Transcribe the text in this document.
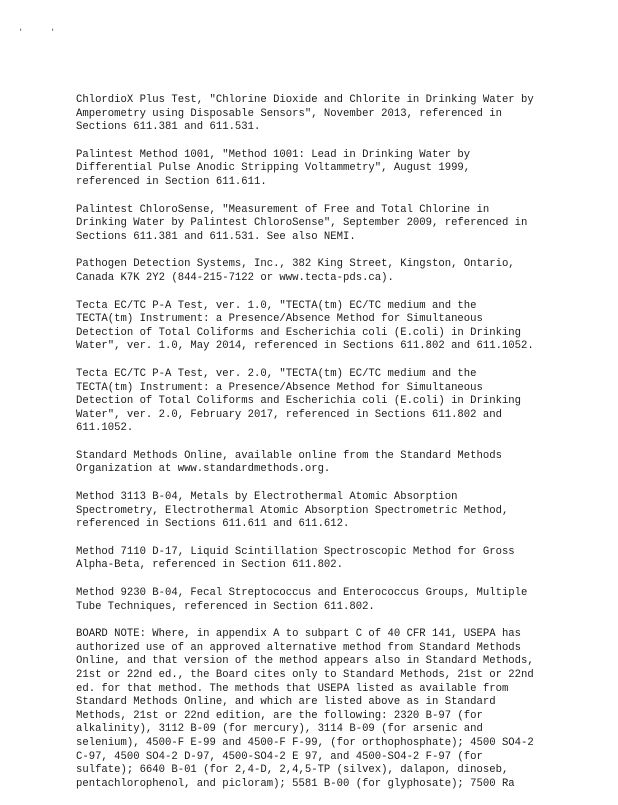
'	'

ChlordioX Plus Test, "Chlorine Dioxide and Chlorite in Drinking Water by
Amperometry using Disposable Sensors", November 2013, referenced in
Sections 611.381 and 611.531.

Palintest Method 1001, "Method 1001: Lead in Drinking Water by
Differential Pulse Anodic Stripping Voltammetry", August 1999,
referenced in Section 611.611.

Palintest ChloroSense, "Measurement of Free and Total Chlorine in
Drinking Water by Palintest ChloroSense", September 2009, referenced in
Sections 611.381 and 611.531. See also NEMI.

Pathogen Detection Systems, Inc., 382 King Street, Kingston, Ontario,
Canada K7K 2Y2 (844-215-7122 or www.tecta-pds.ca).

Tecta EC/TC P-A Test, ver. 1.0, "TECTA(tm) EC/TC medium and the
TECTA(tm) Instrument: a Presence/Absence Method for Simultaneous
Detection of Total Coliforms and Escherichia coli (E.coli) in Drinking
Water", ver. 1.0, May 2014, referenced in Sections 611.802 and 611.1052.

Tecta EC/TC P-A Test, ver. 2.0, "TECTA(tm) EC/TC medium and the
TECTA(tm) Instrument: a Presence/Absence Method for Simultaneous
Detection of Total Coliforms and Escherichia coli (E.coli) in Drinking
Water", ver. 2.0, February 2017, referenced in Sections 611.802 and
611.1052.

Standard Methods Online, available online from the Standard Methods
Organization at www.standardmethods.org.

Method 3113 B-04, Metals by Electrothermal Atomic Absorption
Spectrometry, Electrothermal Atomic Absorption Spectrometric Method,
referenced in Sections 611.611 and 611.612.

Method 7110 D-17, Liquid Scintillation Spectroscopic Method for Gross
Alpha-Beta, referenced in Section 611.802.

Method 9230 B-04, Fecal Streptococcus and Enterococcus Groups, Multiple
Tube Techniques, referenced in Section 611.802.

BOARD NOTE: Where, in appendix A to subpart C of 40 CFR 141, USEPA has
authorized use of an approved alternative method from Standard Methods
Online, and that version of the method appears also in Standard Methods,
21st or 22nd ed., the Board cites only to Standard Methods, 21st or 22nd
ed. for that method. The methods that USEPA listed as available from
Standard Methods Online, and which are listed above as in Standard
Methods, 21st or 22nd edition, are the following: 2320 B-97 (for
alkalinity), 3112 B-09 (for mercury), 3114 B-09 (for arsenic and
selenium), 4500-F E-99 and 4500-F F-99, (for orthophosphate); 4500 SO4-2
C-97, 4500 SO4-2 D-97, 4500-SO4-2 E 97, and 4500-SO4-2 F-97 (for
sulfate); 6640 B-01 (for 2,4-D, 2,4,5-TP (silvex), dalapon, dinoseb,
pentachlorophenol, and picloram); 5581 B-00 (for glyphosate); 7500 Ra
